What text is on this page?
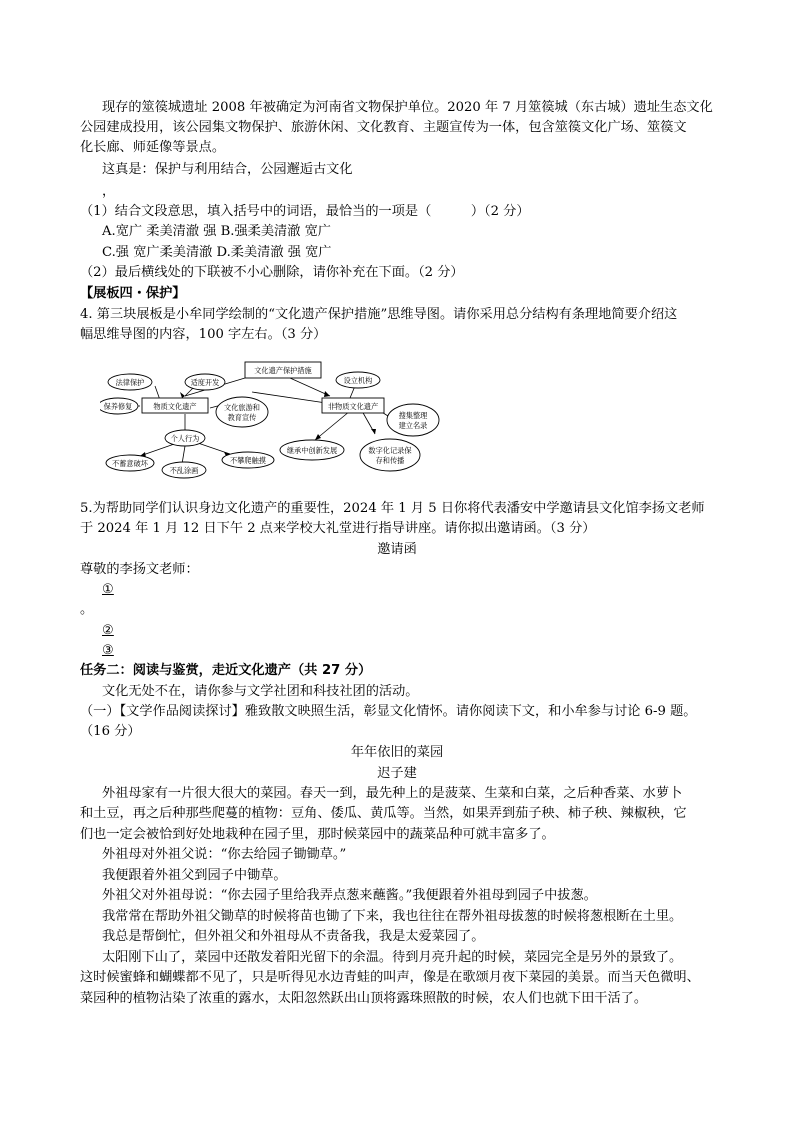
现存的筮篌城遗址 2008 年被确定为河南省文物保护单位。2020 年 7 月筮篌城（东古城）遗址生态文化
公园建成投用，该公园集文物保护、旅游休闲、文化教育、主题宣传为一体，包含筮篌文化广场、筮篌文
化长廊、师延像等景点。
这真是：保护与利用结合，公园邂逅古文化
，
（1）结合文段意思，填入括号中的词语，最恰当的一项是（　　　）（2 分）
A.宽广 柔美清澈 强 B.强柔美清澈 宽广
C.强 宽广柔美清澈 D.柔美清澈 强 宽广
（2）最后横线处的下联被不小心删除，请你补充在下面。（2 分）
【展板四・保护】
4. 第三块展板是小牟同学绘制的“文化遗产保护措施”思维导图。请你采用总分结构有条理地简要介绍这
幅思维导图的内容，100 字左右。（3 分）
文化遗产保护措施
物质文化遗产	非物质文化遗产
法律保护	适度开发
保养修复	文化旅游和
教育宣传
个人行为
不蓄意破坏
不乱涂画
不攀爬触摸
设立机构
搜集整理
建立名录
继承中创新发展	数字化记录保
存和传播
5.为帮助同学们认识身边文化遗产的重要性，2024 年 1 月 5 日你将代表潘安中学邀请县文化馆李扬文老师
于 2024 年 1 月 12 日下午 2 点来学校大礼堂进行指导讲座。请你拟出邀请函。（3 分）
邀请函
尊敬的李扬文老师：
①
。
②
③
任务二：阅读与鉴赏，走近文化遗产（共 27 分）
文化无处不在，请你参与文学社团和科技社团的活动。
（一）【文学作品阅读探讨】雅致散文映照生活，彰显文化情怀。请你阅读下文，和小牟参与讨论 6-9 题。
（16 分）
年年依旧的菜园
迟子建
外祖母家有一片很大很大的菜园。春天一到，最先种上的是菠菜、生菜和白菜，之后种香菜、水萝卜
和土豆，再之后种那些爬蔓的植物：豆角、倭瓜、黄瓜等。当然，如果弄到茄子秧、柿子秧、辣椒秧，它
们也一定会被恰到好处地栽种在园子里，那时候菜园中的蔬菜品种可就丰富多了。
外祖母对外祖父说：“你去给园子锄锄草。”
我便跟着外祖父到园子中锄草。
外祖父对外祖母说：“你去园子里给我弄点葱来蘸酱。”我便跟着外祖母到园子中拔葱。
我常常在帮助外祖父锄草的时候将苗也锄了下来，我也往往在帮外祖母拔葱的时候将葱根断在土里。
我总是帮倒忙，但外祖父和外祖母从不责备我，我是太爱菜园了。
太阳刚下山了，菜园中还散发着阳光留下的余温。待到月亮升起的时候，菜园完全是另外的景致了。
这时候蜜蜂和蝴蝶都不见了，只是听得见水边青蛙的叫声，像是在歌颂月夜下菜园的美景。而当天色微明、
菜园种的植物沾染了浓重的露水，太阳忽然跃出山顶将露珠照散的时候，农人们也就下田干活了。
